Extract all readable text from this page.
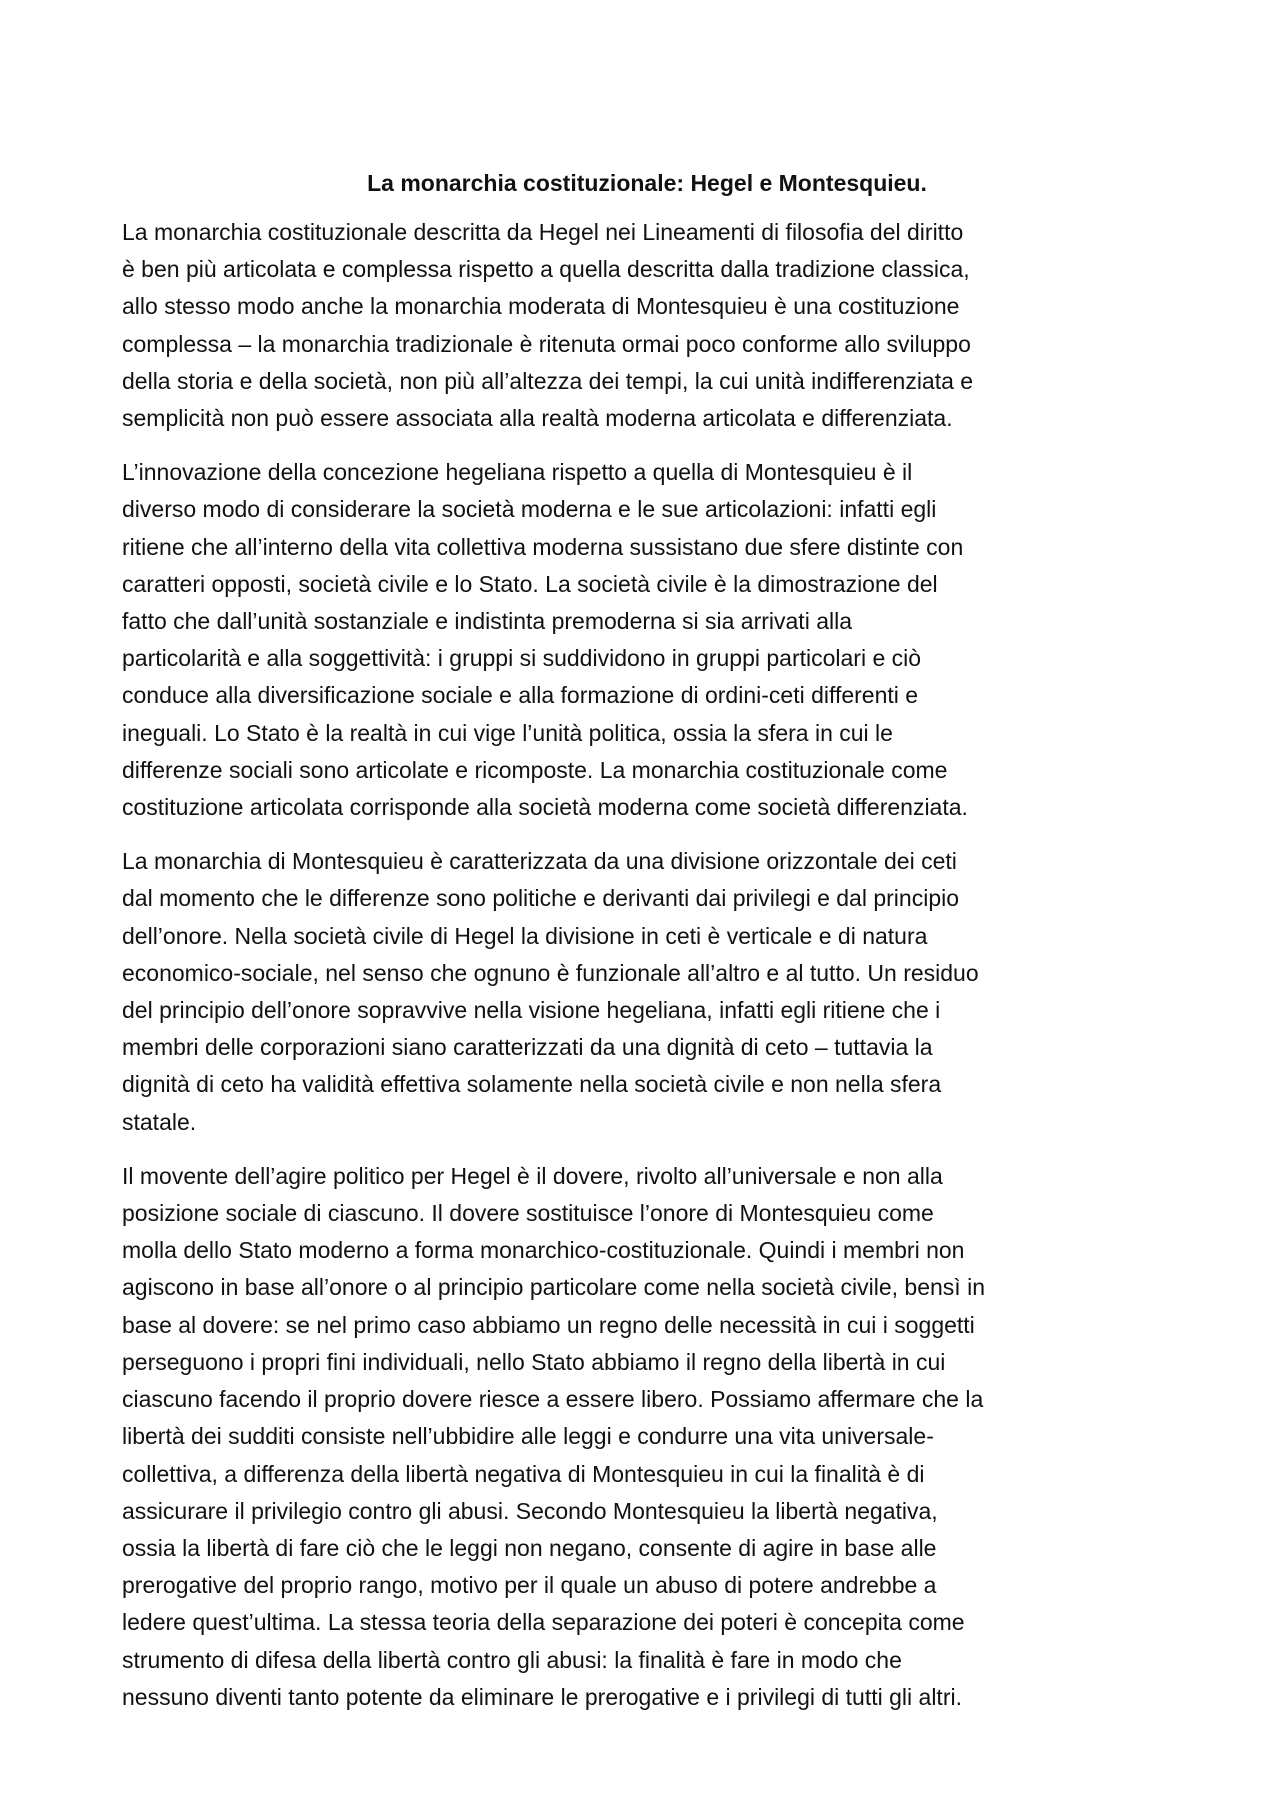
La monarchia costituzionale: Hegel e Montesquieu.

La monarchia costituzionale descritta da Hegel nei Lineamenti di filosofia del diritto
è ben più articolata e complessa rispetto a quella descritta dalla tradizione classica,
allo stesso modo anche la monarchia moderata di Montesquieu è una costituzione
complessa – la monarchia tradizionale è ritenuta ormai poco conforme allo sviluppo
della storia e della società, non più all’altezza dei tempi, la cui unità indifferenziata e
semplicità non può essere associata alla realtà moderna articolata e differenziata.

L’innovazione della concezione hegeliana rispetto a quella di Montesquieu è il
diverso modo di considerare la società moderna e le sue articolazioni: infatti egli
ritiene che all’interno della vita collettiva moderna sussistano due sfere distinte con
caratteri opposti, società civile e lo Stato. La società civile è la dimostrazione del
fatto che dall’unità sostanziale e indistinta premoderna si sia arrivati alla
particolarità e alla soggettività: i gruppi si suddividono in gruppi particolari e ciò
conduce alla diversificazione sociale e alla formazione di ordini-ceti differenti e
ineguali. Lo Stato è la realtà in cui vige l’unità politica, ossia la sfera in cui le
differenze sociali sono articolate e ricomposte. La monarchia costituzionale come
costituzione articolata corrisponde alla società moderna come società differenziata.

La monarchia di Montesquieu è caratterizzata da una divisione orizzontale dei ceti
dal momento che le differenze sono politiche e derivanti dai privilegi e dal principio
dell’onore. Nella società civile di Hegel la divisione in ceti è verticale e di natura
economico-sociale, nel senso che ognuno è funzionale all’altro e al tutto. Un residuo
del principio dell’onore sopravvive nella visione hegeliana, infatti egli ritiene che i
membri delle corporazioni siano caratterizzati da una dignità di ceto – tuttavia la
dignità di ceto ha validità effettiva solamente nella società civile e non nella sfera
statale.

Il movente dell’agire politico per Hegel è il dovere, rivolto all’universale e non alla
posizione sociale di ciascuno. Il dovere sostituisce l’onore di Montesquieu come
molla dello Stato moderno a forma monarchico-costituzionale. Quindi i membri non
agiscono in base all’onore o al principio particolare come nella società civile, bensì in
base al dovere: se nel primo caso abbiamo un regno delle necessità in cui i soggetti
perseguono i propri fini individuali, nello Stato abbiamo il regno della libertà in cui
ciascuno facendo il proprio dovere riesce a essere libero. Possiamo affermare che la
libertà dei sudditi consiste nell’ubbidire alle leggi e condurre una vita universale-
collettiva, a differenza della libertà negativa di Montesquieu in cui la finalità è di
assicurare il privilegio contro gli abusi. Secondo Montesquieu la libertà negativa,
ossia la libertà di fare ciò che le leggi non negano, consente di agire in base alle
prerogative del proprio rango, motivo per il quale un abuso di potere andrebbe a
ledere quest’ultima. La stessa teoria della separazione dei poteri è concepita come
strumento di difesa della libertà contro gli abusi: la finalità è fare in modo che
nessuno diventi tanto potente da eliminare le prerogative e i privilegi di tutti gli altri.
